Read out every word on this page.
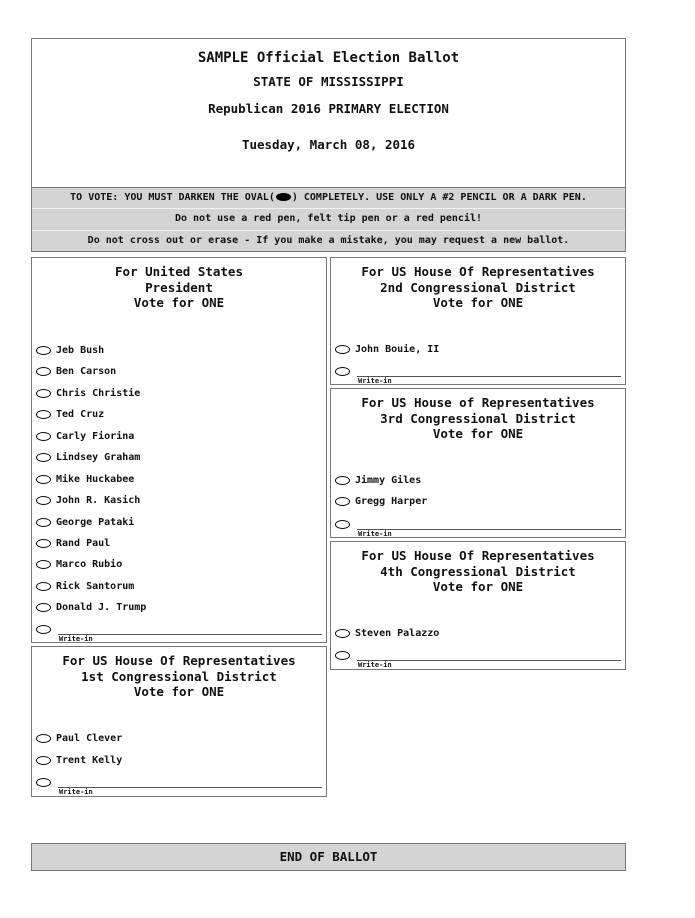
SAMPLE Official Election Ballot
STATE OF MISSISSIPPI
Republican 2016 PRIMARY ELECTION
Tuesday, March 08, 2016
TO VOTE: YOU MUST DARKEN THE OVAL( ) COMPLETELY. USE ONLY A #2 PENCIL OR A DARK PEN.
Do not use a red pen, felt tip pen or a red pencil!
Do not cross out or erase - If you make a mistake, you may request a new ballot.
For United States
President
Vote for ONE
Jeb Bush
Ben Carson
Chris Christie
Ted Cruz
Carly Fiorina
Lindsey Graham
Mike Huckabee
John R. Kasich
George Pataki
Rand Paul
Marco Rubio
Rick Santorum
Donald J. Trump
Write-in
For US House Of Representatives
1st Congressional District
Vote for ONE
Paul Clever
Trent Kelly
Write-in
For US House Of Representatives
2nd Congressional District
Vote for ONE
John Bouie, II
Write-in
For US House of Representatives
3rd Congressional District
Vote for ONE
Jimmy Giles
Gregg Harper
Write-in
For US House Of Representatives
4th Congressional District
Vote for ONE
Steven Palazzo
Write-in
END OF BALLOT
